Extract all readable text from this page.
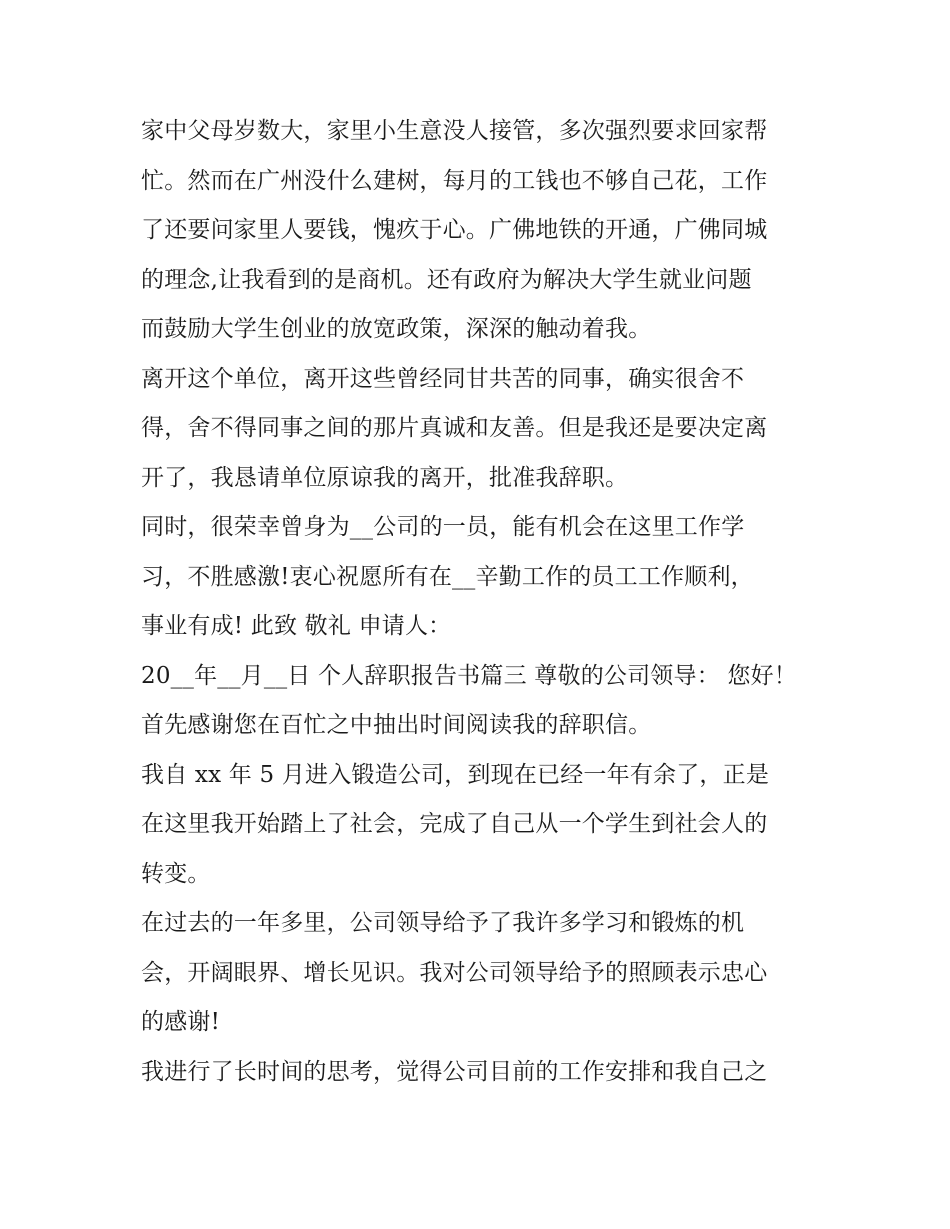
家中父母岁数大，家里小生意没人接管，多次强烈要求回家帮
忙。然而在广州没什么建树，每月的工钱也不够自己花，工作
了还要问家里人要钱，愧疚于心。广佛地铁的开通，广佛同城
的理念,让我看到的是商机。还有政府为解决大学生就业问题
而鼓励大学生创业的放宽政策，深深的触动着我。
离开这个单位，离开这些曾经同甘共苦的同事，确实很舍不
得，舍不得同事之间的那片真诚和友善。但是我还是要决定离
开了，我恳请单位原谅我的离开，批准我辞职。
同时，很荣幸曾身为__公司的一员，能有机会在这里工作学
习，不胜感激!衷心祝愿所有在__辛勤工作的员工工作顺利，
事业有成! 此致 敬礼 申请人：
20__年__月__日 个人辞职报告书篇三 尊敬的公司领导： 您好！
首先感谢您在百忙之中抽出时间阅读我的辞职信。
我自 xx 年 5 月进入锻造公司，到现在已经一年有余了，正是
在这里我开始踏上了社会，完成了自己从一个学生到社会人的
转变。
在过去的一年多里，公司领导给予了我许多学习和锻炼的机
会，开阔眼界、增长见识。我对公司领导给予的照顾表示忠心
的感谢!
我进行了长时间的思考，觉得公司目前的工作安排和我自己之
